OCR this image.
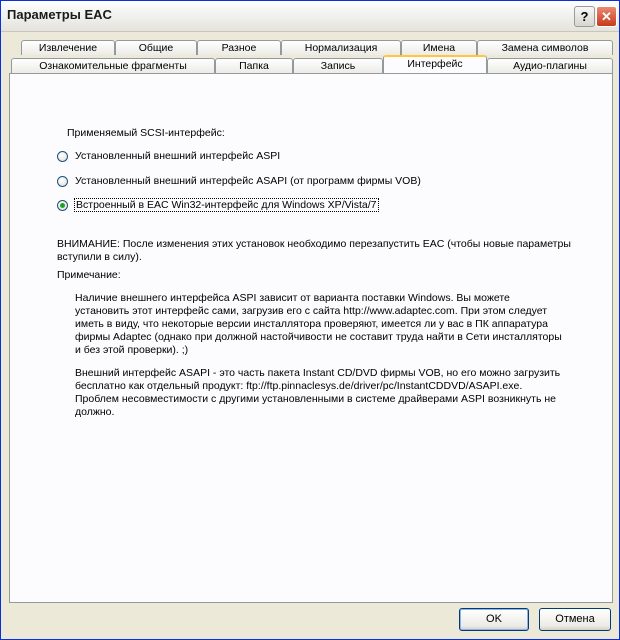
Параметры EAC	? ✕
Извлечение	Общие	Разное	Нормализация	Имена	Замена символов
Ознакомительные фрагменты	Папка	Запись	Интерфейс	Аудио-плагины
Применяемый SCSI-интерфейс:
Установленный внешний интерфейс ASPI
Установленный внешний интерфейс ASAPI (от программ фирмы VOB)
Встроенный в EAC Win32-интерфейс для Windows XP/Vista/7
ВНИМАНИЕ: После изменения этих установок необходимо перезапустить EAC (чтобы новые параметры вступили в силу).
Примечание:
Наличие внешнего интерфейса ASPI зависит от варианта поставки Windows. Вы можете установить этот интерфейс сами, загрузив его с сайта http://www.adaptec.com. При этом следует иметь в виду, что некоторые версии инсталлятора проверяют, имеется ли у вас в ПК аппаратура фирмы Adaptec (однако при должной настойчивости не составит труда найти в Сети инсталляторы и без этой проверки). ;)
Внешний интерфейс ASAPI - это часть пакета Instant CD/DVD фирмы VOB, но его можно загрузить бесплатно как отдельный продукт: ftp://ftp.pinnaclesys.de/driver/pc/InstantCDDVD/ASAPI.exe. Проблем несовместимости с другими установленными в системе драйверами ASPI возникнуть не должно.
OK	Отмена
